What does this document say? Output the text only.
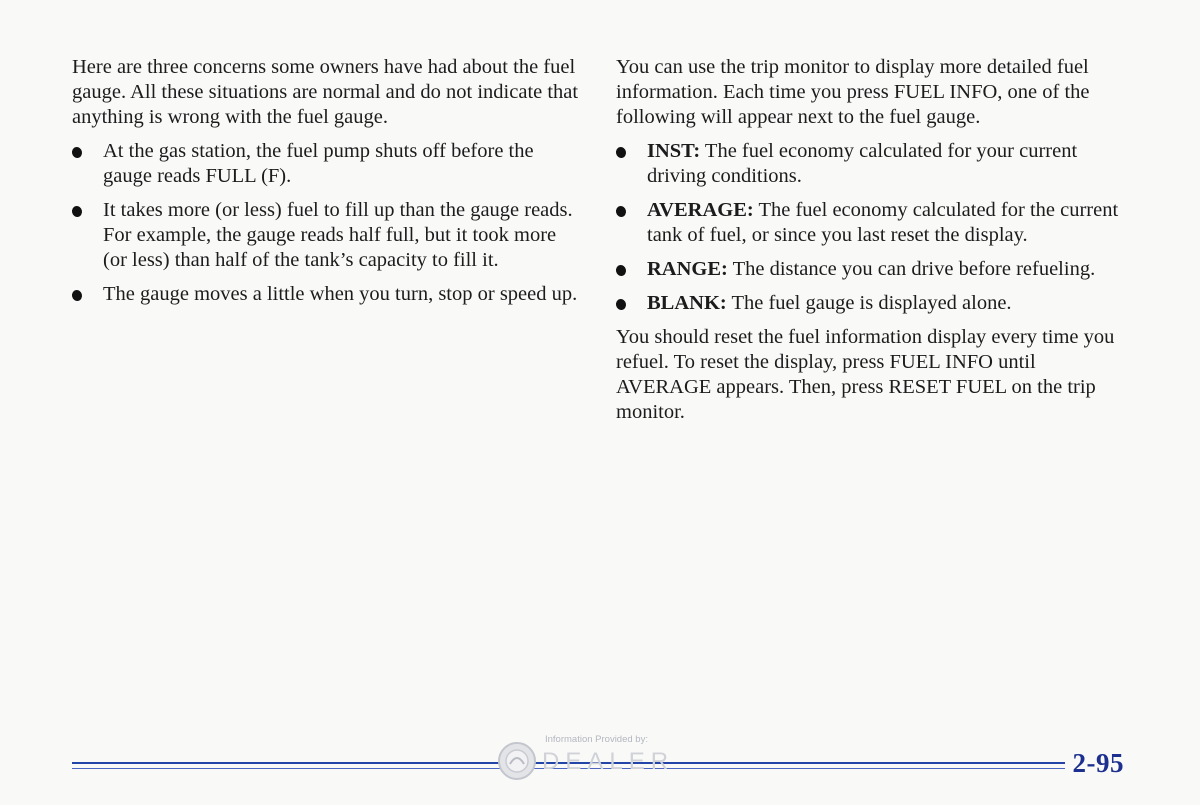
Here are three concerns some owners have had about the fuel gauge. All these situations are normal and do not indicate that anything is wrong with the fuel gauge.

At the gas station, the fuel pump shuts off before the gauge reads FULL (F).
It takes more (or less) fuel to fill up than the gauge reads. For example, the gauge reads half full, but it took more (or less) than half of the tank’s capacity to fill it.
The gauge moves a little when you turn, stop or speed up.

You can use the trip monitor to display more detailed fuel information. Each time you press FUEL INFO, one of the following will appear next to the fuel gauge.

INST: The fuel economy calculated for your current driving conditions.
AVERAGE: The fuel economy calculated for the current tank of fuel, or since you last reset the display.
RANGE: The distance you can drive before refueling.
BLANK: The fuel gauge is displayed alone.

You should reset the fuel information display every time you refuel. To reset the display, press FUEL INFO until AVERAGE appears. Then, press RESET FUEL on the trip monitor.

Information Provided by:
DEALER	2-95
